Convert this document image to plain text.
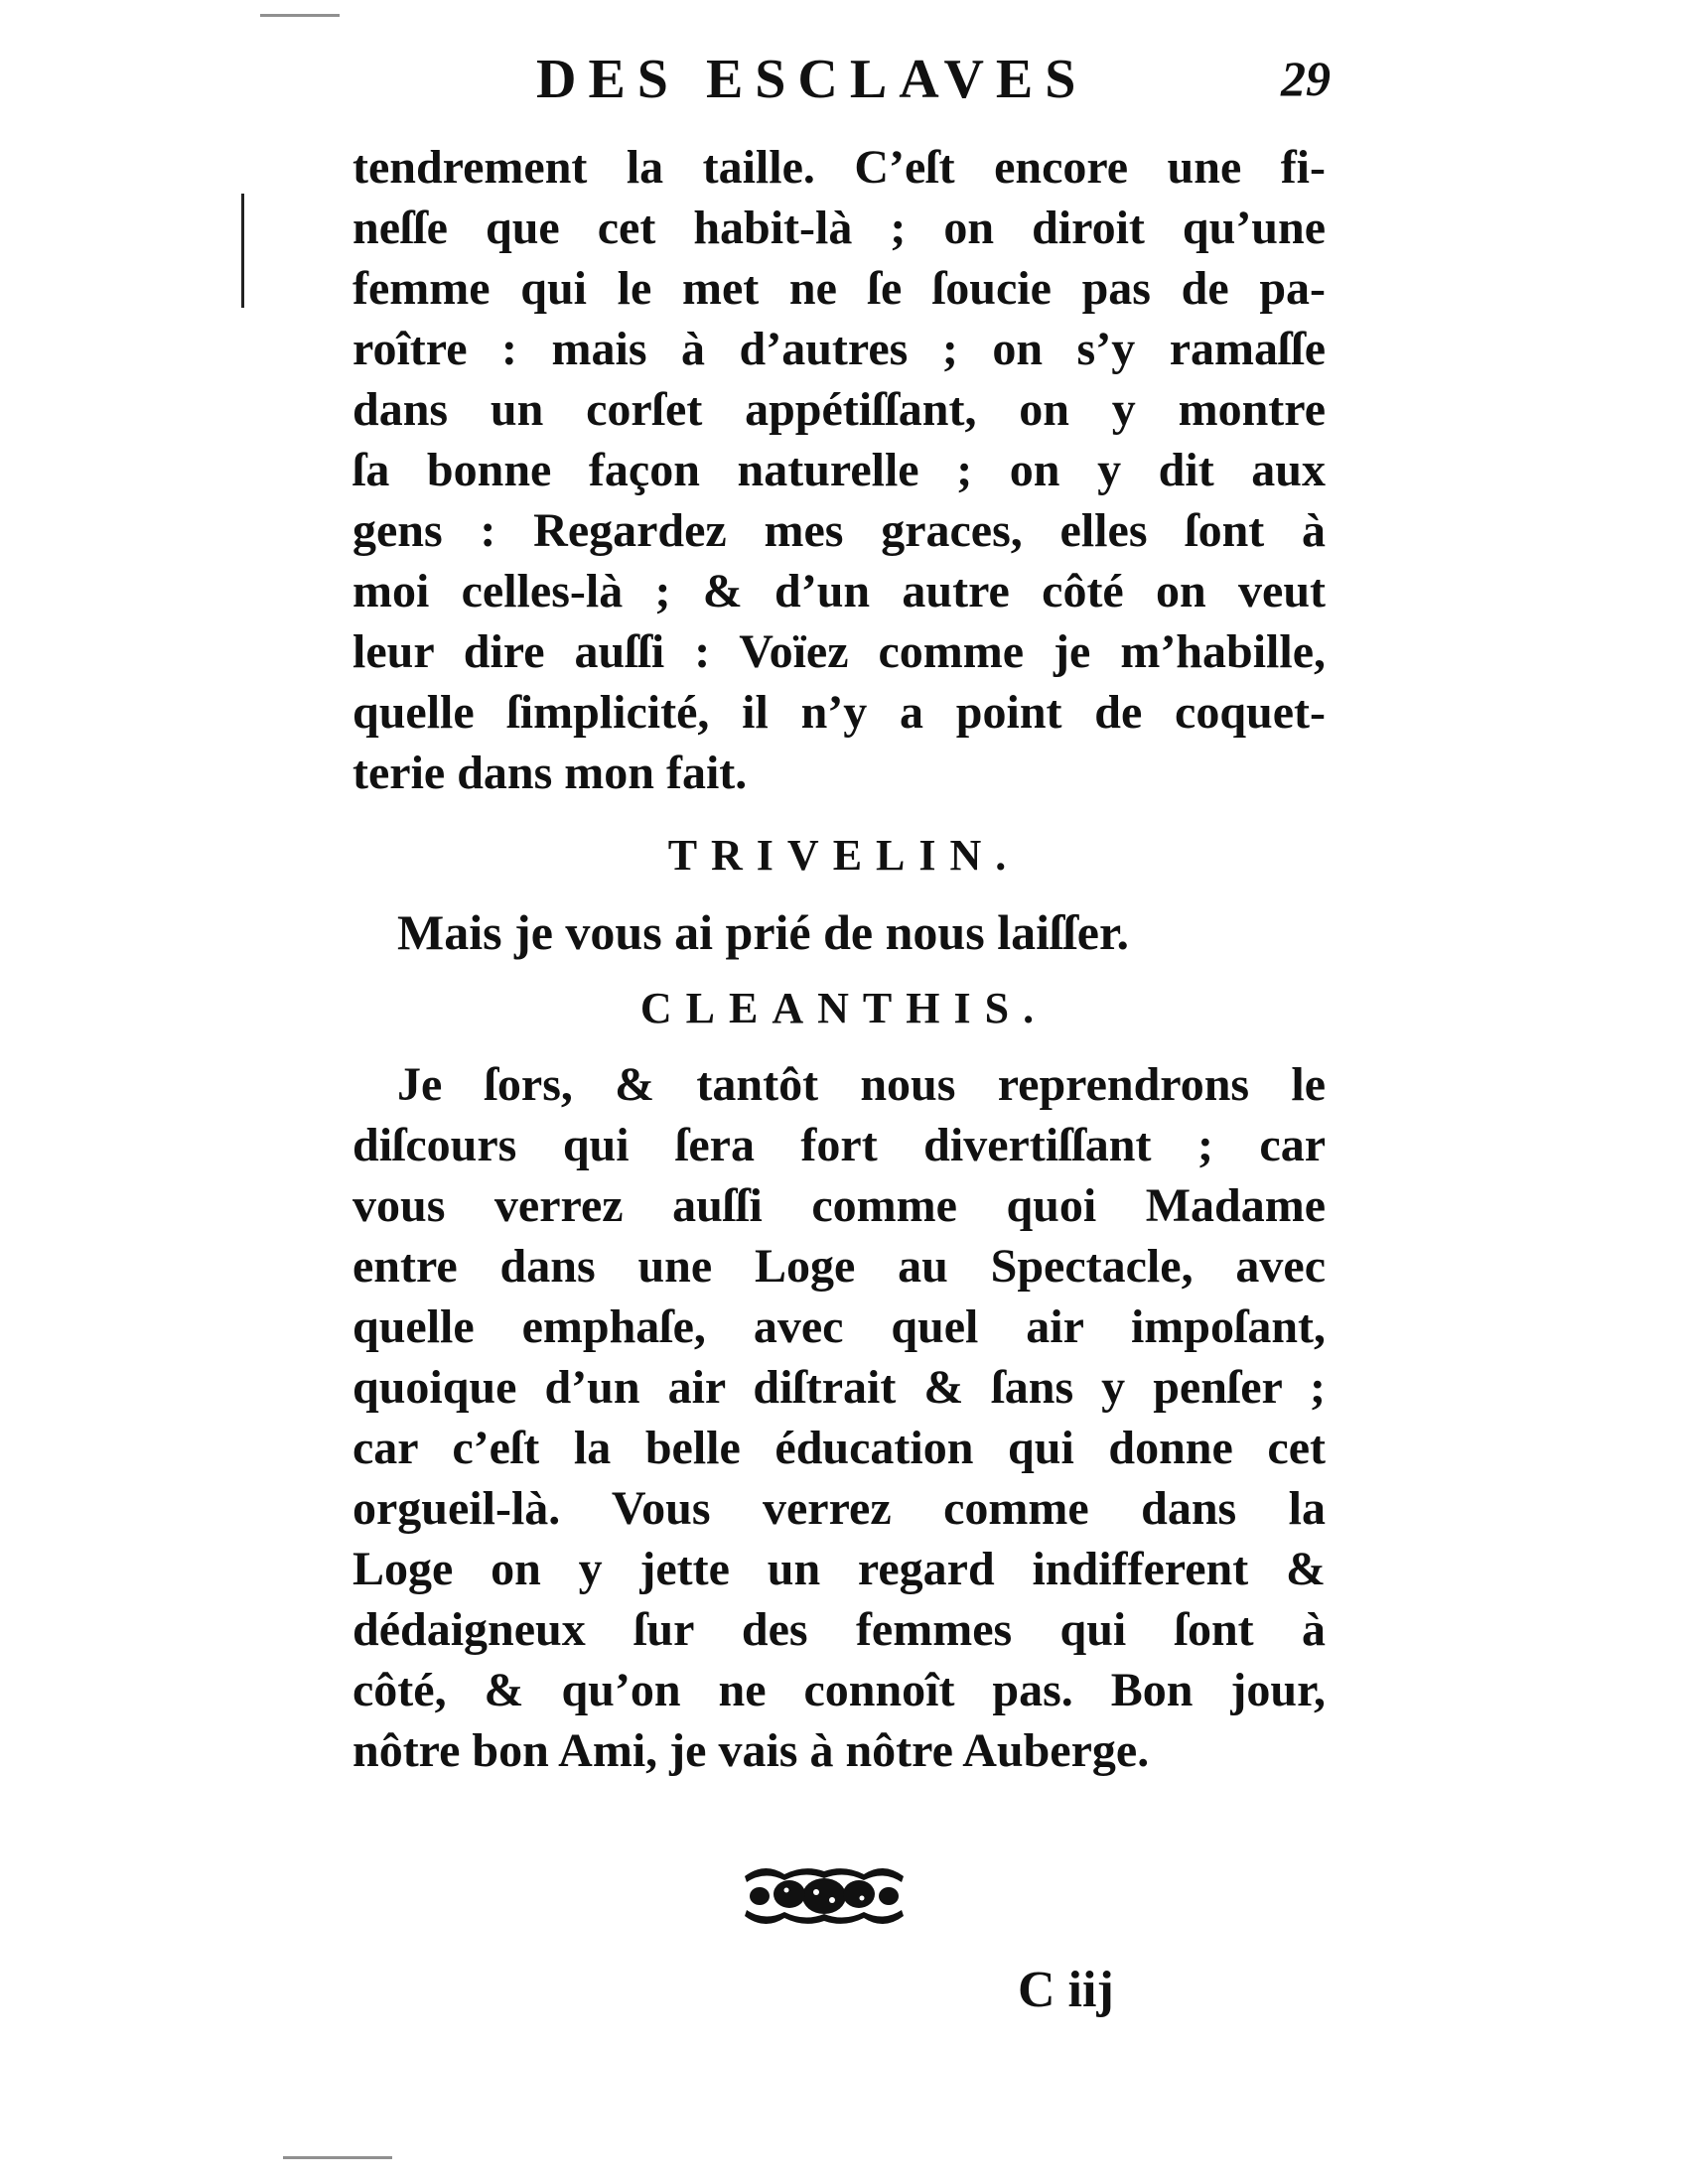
DES ESCLAVES	29
tendrement la taille. C’eſt encore une fi-
neſſe que cet habit-là ; on diroit qu’une
femme qui le met ne ſe ſoucie pas de pa-
roître : mais à d’autres ; on s’y ramaſſe
dans un corſet appétiſſant, on y montre
ſa bonne façon naturelle ; on y dit aux
gens : Regardez mes graces, elles ſont à
moi celles-là ; & d’un autre côté on veut
leur dire auſſi : Voïez comme je m’habille,
quelle ſimplicité, il n’y a point de coquet-
terie dans mon fait.
TRIVELIN.
Mais je vous ai prié de nous laiſſer.
CLEANTHIS.
Je ſors, & tantôt nous reprendrons le
diſcours qui ſera fort divertiſſant ; car
vous verrez auſſi comme quoi Madame
entre dans une Loge au Spectacle, avec
quelle emphaſe, avec quel air impoſant,
quoique d’un air diſtrait & ſans y penſer ;
car c’eſt la belle éducation qui donne cet
orgueil-là. Vous verrez comme dans la
Loge on y jette un regard indifferent &
dédaigneux ſur des femmes qui ſont à
côté, & qu’on ne connoît pas. Bon jour,
nôtre bon Ami, je vais à nôtre Auberge.
C iij
